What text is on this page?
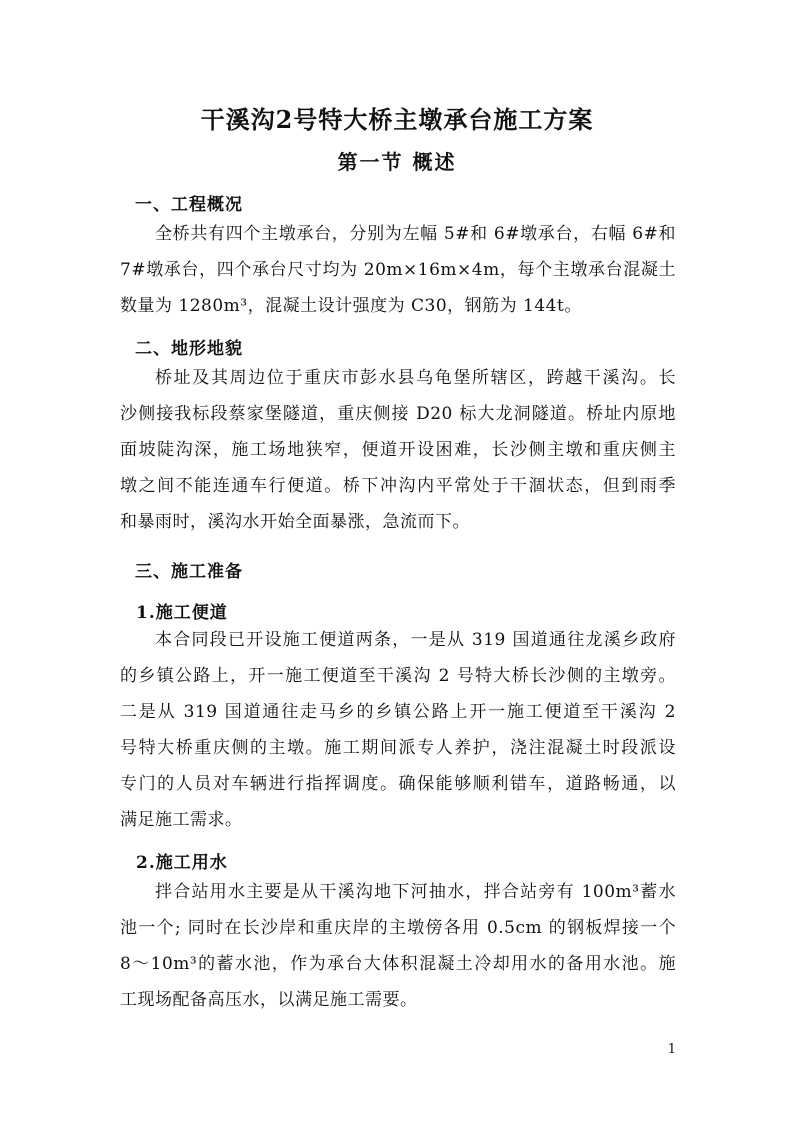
干溪沟2号特大桥主墩承台施工方案
第一节 概述
一、工程概况
全桥共有四个主墩承台，分别为左幅 5#和 6#墩承台，右幅 6#和
7#墩承台，四个承台尺寸均为 20m×16m×4m，每个主墩承台混凝土
数量为 1280m³，混凝土设计强度为 C30，钢筋为 144t。
二、地形地貌
桥址及其周边位于重庆市彭水县乌龟堡所辖区，跨越干溪沟。长
沙侧接我标段蔡家堡隧道，重庆侧接 D20 标大龙洞隧道。桥址内原地
面坡陡沟深，施工场地狭窄，便道开设困难，长沙侧主墩和重庆侧主
墩之间不能连通车行便道。桥下冲沟内平常处于干涸状态，但到雨季
和暴雨时，溪沟水开始全面暴涨，急流而下。
三、施工准备
1.施工便道
本合同段已开设施工便道两条，一是从 319 国道通往龙溪乡政府
的乡镇公路上，开一施工便道至干溪沟 2 号特大桥长沙侧的主墩旁。
二是从 319 国道通往走马乡的乡镇公路上开一施工便道至干溪沟 2
号特大桥重庆侧的主墩。施工期间派专人养护，浇注混凝土时段派设
专门的人员对车辆进行指挥调度。确保能够顺利错车，道路畅通，以
满足施工需求。
2.施工用水
拌合站用水主要是从干溪沟地下河抽水，拌合站旁有 100m³蓄水
池一个; 同时在长沙岸和重庆岸的主墩傍各用 0.5cm 的钢板焊接一个
8～10m³的蓄水池，作为承台大体积混凝土冷却用水的备用水池。施
工现场配备高压水，以满足施工需要。
1
